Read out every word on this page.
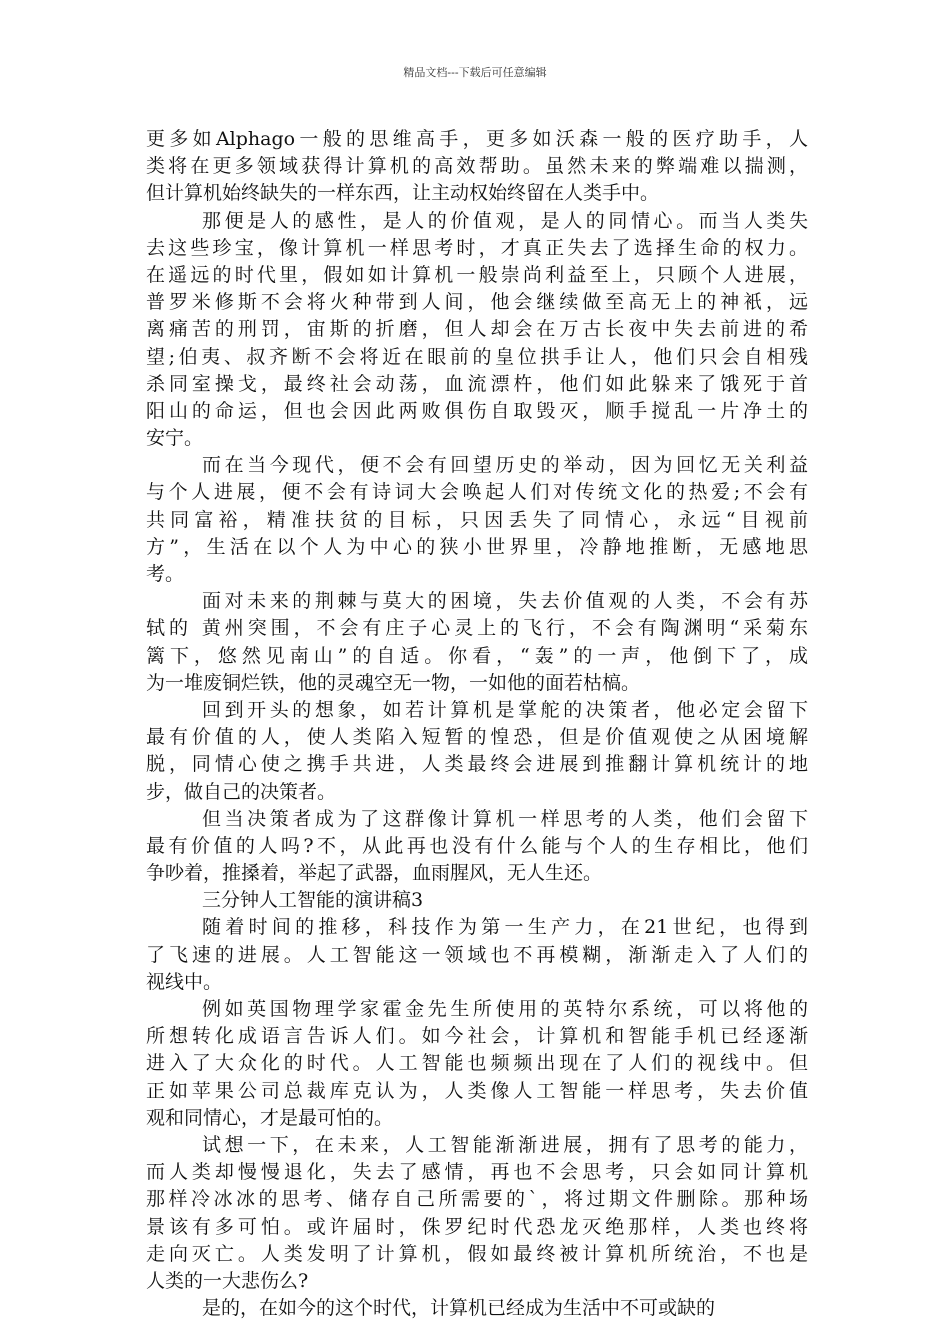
精品文档---下载后可任意编辑
更多如Alphago一般的思维高手，更多如沃森一般的医疗助手，人
类将在更多领域获得计算机的高效帮助。虽然未来的弊端难以揣测，
但计算机始终缺失的一样东西，让主动权始终留在人类手中。
那便是人的感性，是人的价值观，是人的同情心。而当人类失
去这些珍宝，像计算机一样思考时，才真正失去了选择生命的权力。
在遥远的时代里，假如如计算机一般崇尚利益至上，只顾个人进展，
普罗米修斯不会将火种带到人间，他会继续做至高无上的神衹，远
离痛苦的刑罚，宙斯的折磨，但人却会在万古长夜中失去前进的希
望;伯夷、叔齐断不会将近在眼前的皇位拱手让人，他们只会自相残
杀同室操戈，最终社会动荡，血流漂杵，他们如此躲来了饿死于首
阳山的命运，但也会因此两败俱伤自取毁灭，顺手搅乱一片净土的
安宁。
而在当今现代，便不会有回望历史的举动，因为回忆无关利益
与个人进展，便不会有诗词大会唤起人们对传统文化的热爱;不会有
共同富裕，精准扶贫的目标，只因丢失了同情心，永远“目视前
方”，生活在以个人为中心的狭小世界里，冷静地推断，无感地思
考。
面对未来的荆棘与莫大的困境，失去价值观的人类，不会有苏
轼的 黄州突围，不会有庄子心灵上的飞行，不会有陶渊明“采菊东
篱下，悠然见南山”的自适。你看，“轰”的一声，他倒下了，成
为一堆废铜烂铁，他的灵魂空无一物，一如他的面若枯槁。
回到开头的想象，如若计算机是掌舵的决策者，他必定会留下
最有价值的人，使人类陷入短暂的惶恐，但是价值观使之从困境解
脱，同情心使之携手共进，人类最终会进展到推翻计算机统计的地
步，做自己的决策者。
但当决策者成为了这群像计算机一样思考的人类，他们会留下
最有价值的人吗?不，从此再也没有什么能与个人的生存相比，他们
争吵着，推搡着，举起了武器，血雨腥风，无人生还。
三分钟人工智能的演讲稿3
随着时间的推移，科技作为第一生产力，在21世纪，也得到
了飞速的进展。人工智能这一领域也不再模糊，渐渐走入了人们的
视线中。
例如英国物理学家霍金先生所使用的英特尔系统，可以将他的
所想转化成语言告诉人们。如今社会，计算机和智能手机已经逐渐
进入了大众化的时代。人工智能也频频出现在了人们的视线中。但
正如苹果公司总裁库克认为，人类像人工智能一样思考，失去价值
观和同情心，才是最可怕的。
试想一下，在未来，人工智能渐渐进展，拥有了思考的能力，
而人类却慢慢退化，失去了感情，再也不会思考，只会如同计算机
那样冷冰冰的思考、储存自己所需要的`，将过期文件删除。那种场
景该有多可怕。或许届时，侏罗纪时代恐龙灭绝那样，人类也终将
走向灭亡。人类发明了计算机，假如最终被计算机所统治，不也是
人类的一大悲伤么?
是的，在如今的这个时代，计算机已经成为生活中不可或缺的
